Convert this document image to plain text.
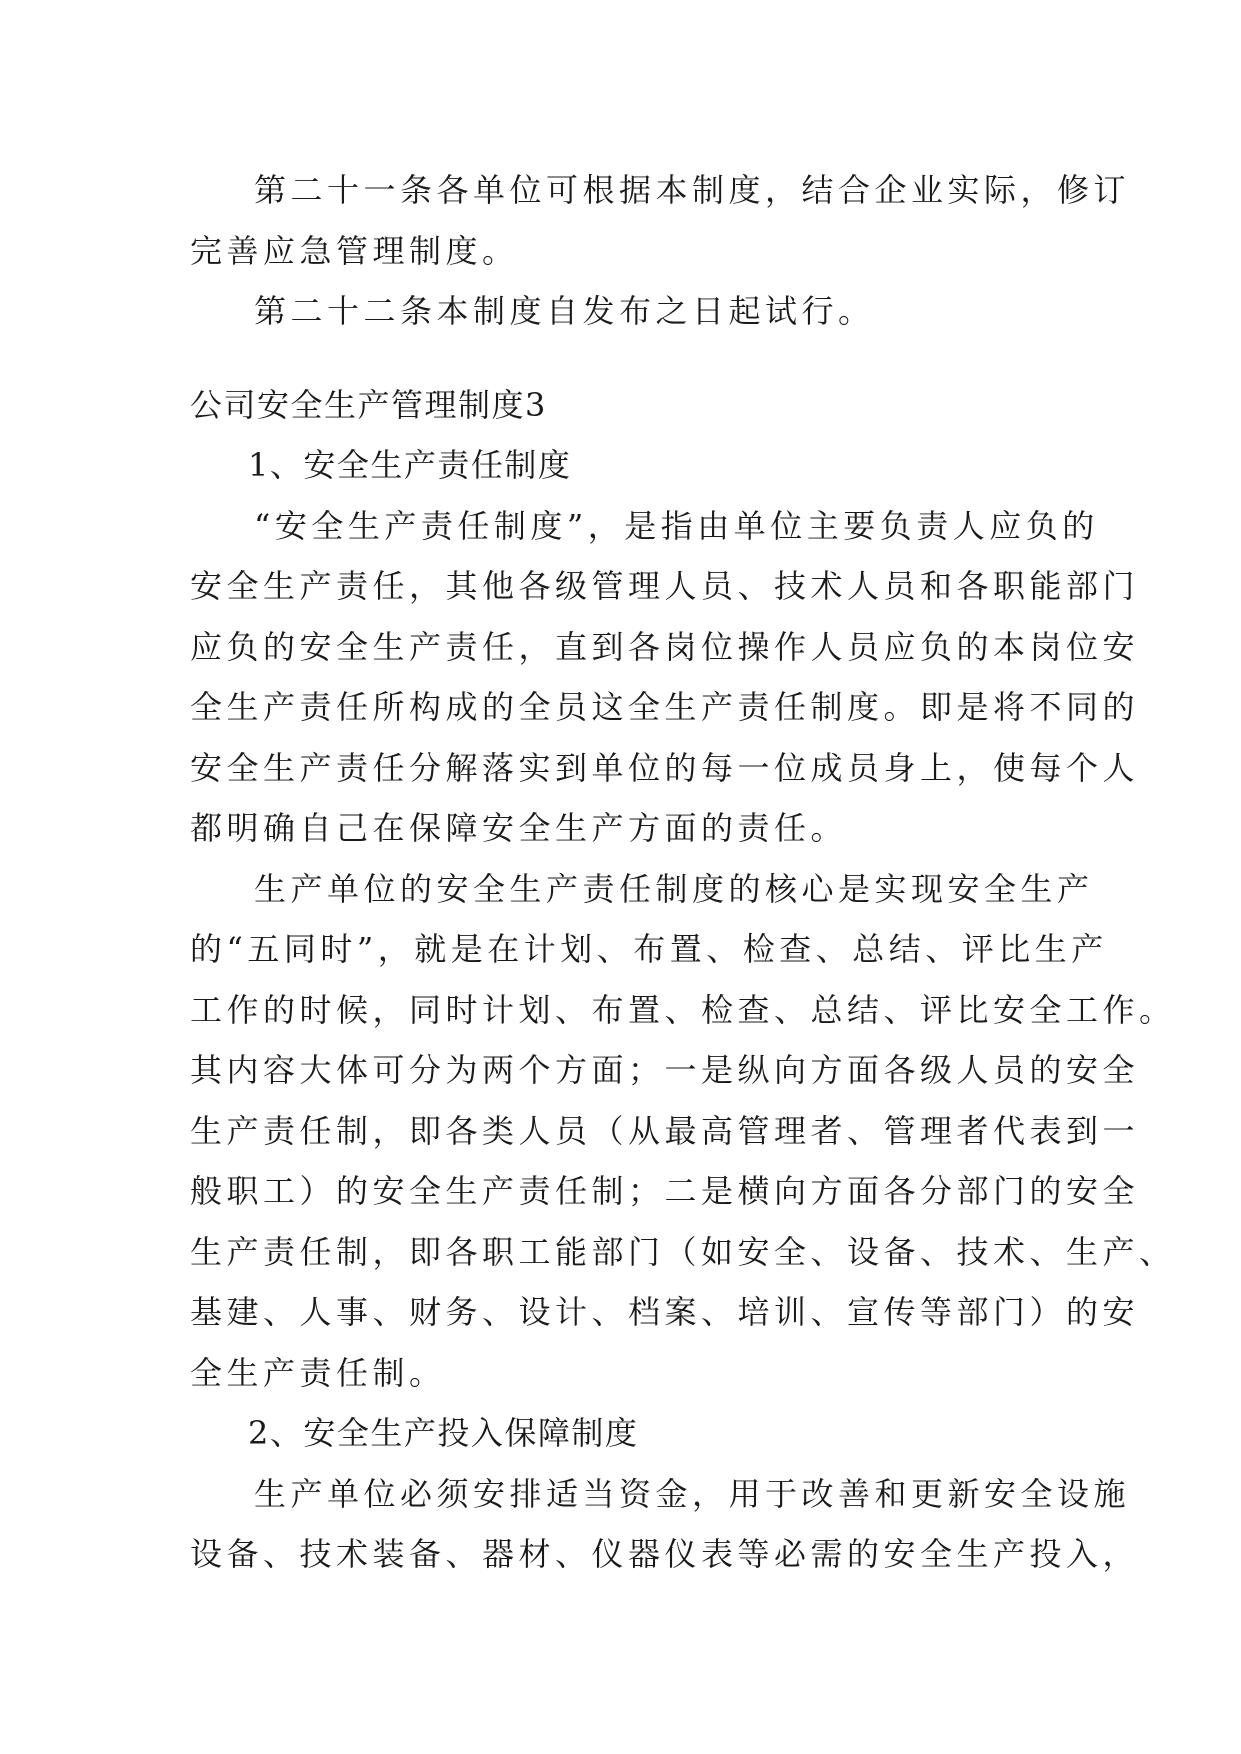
第二十一条各单位可根据本制度，结合企业实际，修订
完善应急管理制度。
第二十二条本制度自发布之日起试行。
公司安全生产管理制度3
1、安全生产责任制度
“安全生产责任制度”，是指由单位主要负责人应负的
安全生产责任，其他各级管理人员、技术人员和各职能部门
应负的安全生产责任，直到各岗位操作人员应负的本岗位安
全生产责任所构成的全员这全生产责任制度。即是将不同的
安全生产责任分解落实到单位的每一位成员身上，使每个人
都明确自己在保障安全生产方面的责任。
生产单位的安全生产责任制度的核心是实现安全生产
的“五同时”，就是在计划、布置、检查、总结、评比生产
工作的时候，同时计划、布置、检查、总结、评比安全工作。
其内容大体可分为两个方面；一是纵向方面各级人员的安全
生产责任制，即各类人员（从最高管理者、管理者代表到一
般职工）的安全生产责任制；二是横向方面各分部门的安全
生产责任制，即各职工能部门（如安全、设备、技术、生产、
基建、人事、财务、设计、档案、培训、宣传等部门）的安
全生产责任制。
2、安全生产投入保障制度
生产单位必须安排适当资金，用于改善和更新安全设施
设备、技术装备、器材、仪器仪表等必需的安全生产投入，
